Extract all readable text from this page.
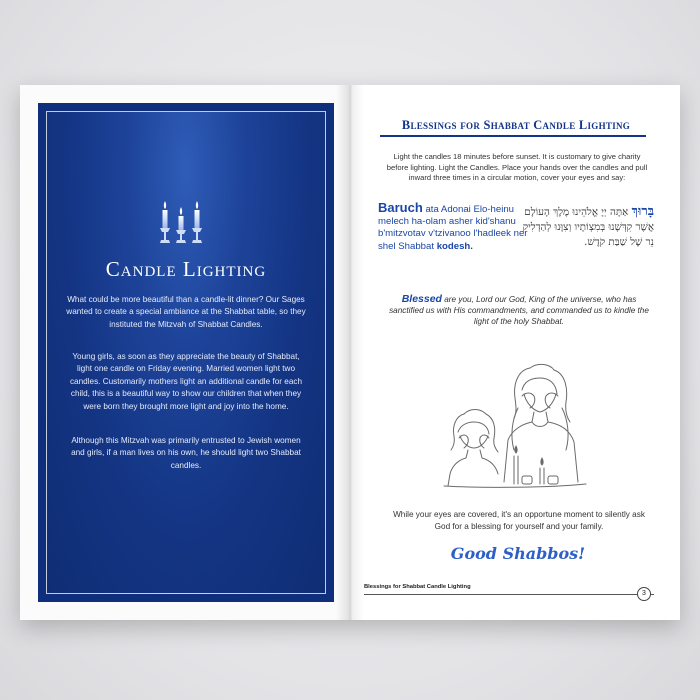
Candle Lighting
What could be more beautiful than a candle-lit dinner? Our Sages wanted to create a special ambiance at the Shabbat table, so they instituted the Mitzvah of Shabbat Candles.
Young girls, as soon as they appreciate the beauty of Shabbat, light one candle on Friday evening. Married women light two candles. Customarily mothers light an additional candle for each child, this is a beautiful way to show our children that when they were born they brought more light and joy into the home.
Although this Mitzvah was primarily entrusted to Jewish women and girls, if a man lives on his own, he should light two Shabbat candles.
Blessings for Shabbat Candle Lighting
Light the candles 18 minutes before sunset. It is customary to give charity before lighting. Light the Candles. Place your hands over the candles and pull inward three times in a circular motion, cover your eyes and say:
Baruch ata Adonai Elo-heinu melech ha-olam asher kid'shanu b'mitzvotav v'tzivanoo l'hadleek ner shel Shabbat kodesh.
בָּרוּךְ אַתָּה יְיָ אֱלֹהֵינוּ מֶלֶךְ הָעוֹלָם אֲשֶׁר קִדְּשָׁנוּ בְּמִצְוֹתָיו וְצִוָּנוּ לְהַדְלִיק נֵר שֶׁל שַׁבַּת קֹדֶשׁ.
Blessed are you, Lord our God, King of the universe, who has sanctified us with His commandments, and commanded us to kindle the light of the holy Shabbat.
While your eyes are covered, it's an opportune moment to silently ask God for a blessing for yourself and your family.
Good Shabbos!
Blessings for Shabbat Candle Lighting
3
